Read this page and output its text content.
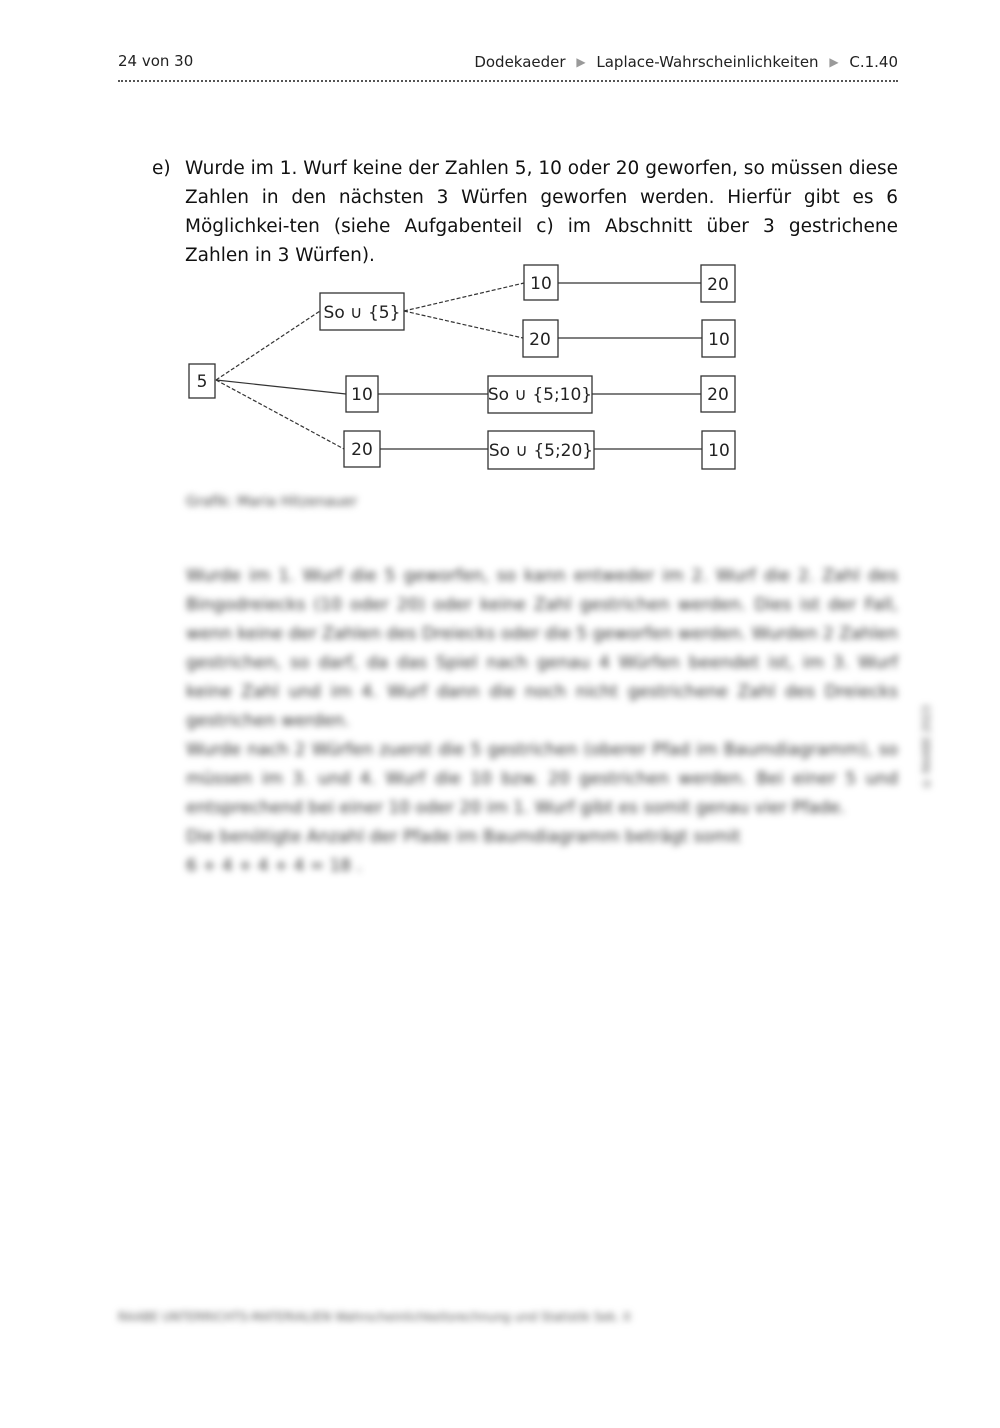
24 von 30	Dodekaeder ▶ Laplace-Wahrscheinlichkeiten ▶ C.1.40
e) Wurde im 1. Wurf keine der Zahlen 5, 10 oder 20 geworfen, so müssen diese Zahlen in den nächsten 3 Würfen geworfen werden. Hierfür gibt es 6 Möglichkei-ten (siehe Aufgabenteil c) im Abschnitt über 3 gestrichene Zahlen in 3 Würfen).
5
So ∪ {5}
10	20
20	10
10	So ∪ {5;10}	20
20	So ∪ {5;20}	10
Grafik: Maria Hitzenauer

Wurde im 1. Wurf die 5 geworfen, so kann entweder im 2. Wurf die 2. Zahl des Bingodreiecks (10 oder 20) oder keine Zahl gestrichen werden. Dies ist der Fall, wenn keine der Zahlen des Dreiecks oder die 5 geworfen werden. Wurden 2 Zahlen gestrichen, so darf, da das Spiel nach genau 4 Würfen beendet ist, im 3. Wurf keine Zahl und im 4. Wurf dann die noch nicht gestrichene Zahl des Dreiecks gestrichen werden.

Wurde nach 2 Würfen zuerst die 5 gestrichen (oberer Pfad im Baumdiagramm), so müssen im 3. und 4. Wurf die 10 bzw. 20 gestrichen werden. Bei einer 5 und entsprechend bei einer 10 oder 20 im 1. Wurf gibt es somit genau vier Pfade.

Die benötigte Anzahl der Pfade im Baumdiagramm beträgt somit

6 + 4 + 4 + 4 = 18 .

© RAABE 2023
RAABE UNTERRICHTS-MATERIALIEN Wahrscheinlichkeitsrechnung und Statistik Sek. II
